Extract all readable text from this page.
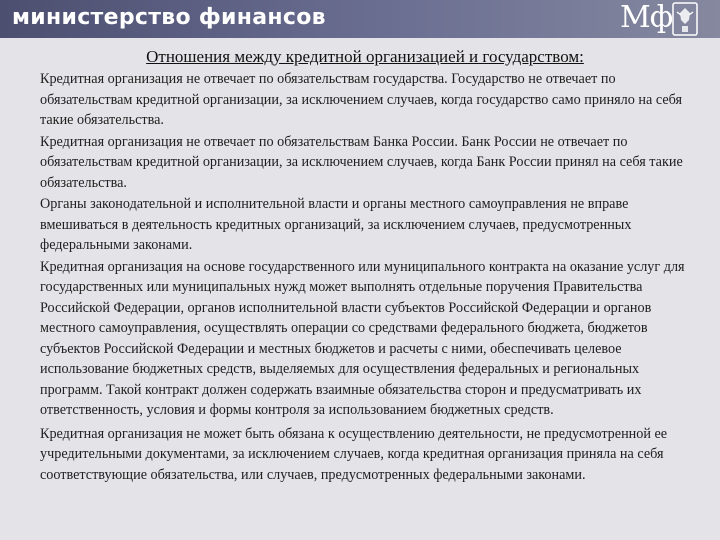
министерство финансов	Мф
Отношения между кредитной организацией и государством:

Кредитная организация не отвечает по обязательствам государства. Государство не отвечает по обязательствам кредитной организации, за исключением случаев, когда государство само приняло на себя такие обязательства.

Кредитная организация не отвечает по обязательствам Банка России. Банк России не отвечает по обязательствам кредитной организации, за исключением случаев, когда Банк России принял на себя такие обязательства.

Органы законодательной и исполнительной власти и органы местного самоуправления не вправе вмешиваться в деятельность кредитных организаций, за исключением случаев, предусмотренных федеральными законами.

Кредитная организация на основе государственного или муниципального контракта на оказание услуг для государственных или муниципальных нужд может выполнять отдельные поручения Правительства Российской Федерации, органов исполнительной власти субъектов Российской Федерации и органов местного самоуправления, осуществлять операции со средствами федерального бюджета, бюджетов субъектов Российской Федерации и местных бюджетов и расчеты с ними, обеспечивать целевое использование бюджетных средств, выделяемых для осуществления федеральных и региональных программ. Такой контракт должен содержать взаимные обязательства сторон и предусматривать их ответственность, условия и формы контроля за использованием бюджетных средств.

Кредитная организация не может быть обязана к осуществлению деятельности, не предусмотренной ее учредительными документами, за исключением случаев, когда кредитная организация приняла на себя соответствующие обязательства, или случаев, предусмотренных федеральными законами.
